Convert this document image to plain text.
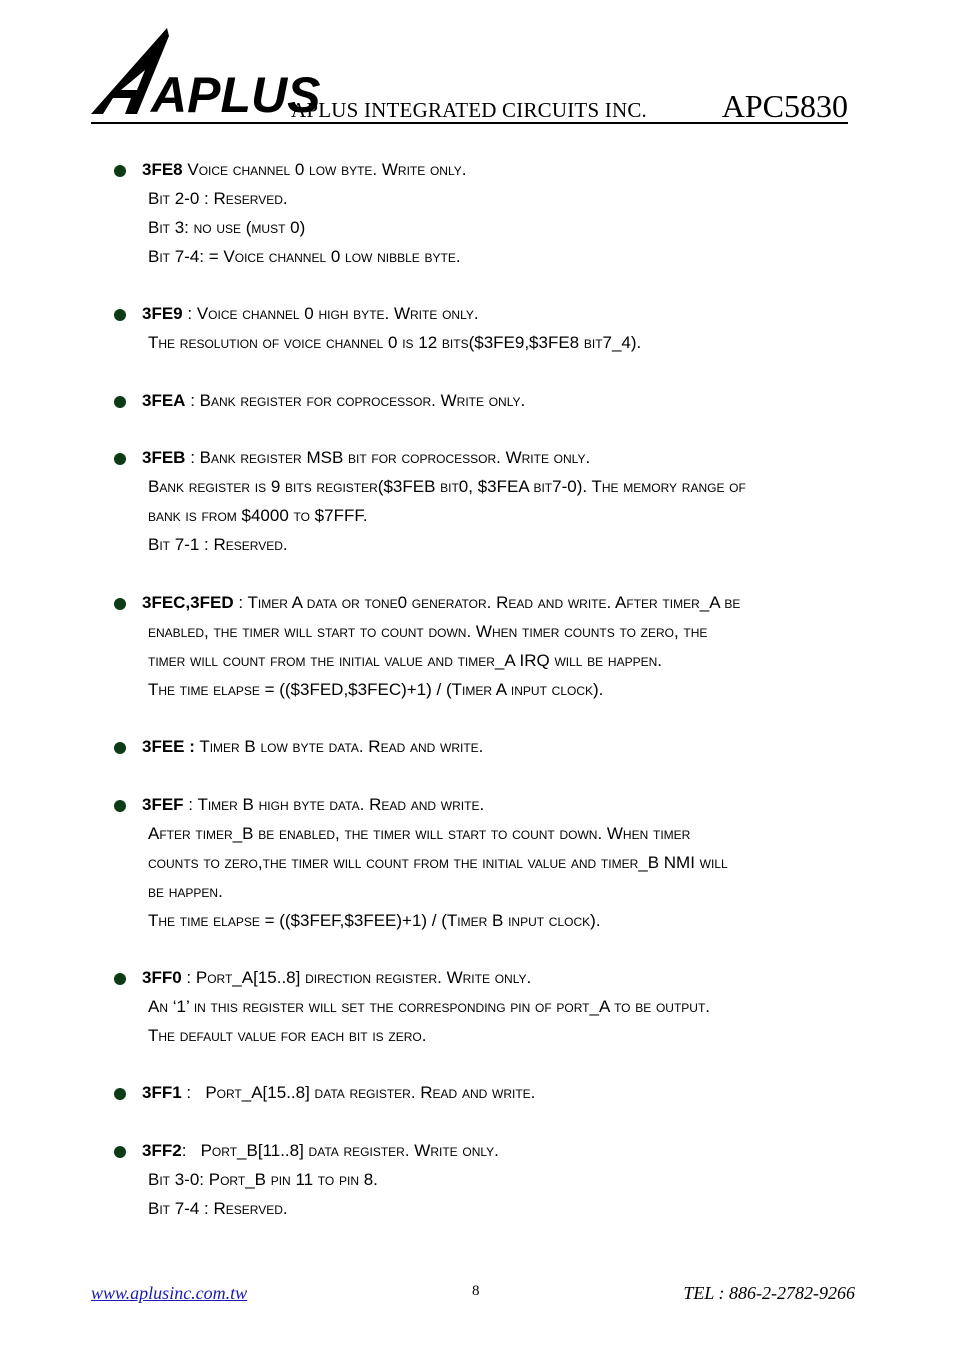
APLUS
APLUS INTEGRATED CIRCUITS INC. APC5830
3FE8 Voice channel 0 low byte. Write only.
Bit 2-0 : Reserved.
Bit 3: no use (must 0)
Bit 7-4: = Voice channel 0 low nibble byte.
3FE9 : Voice channel 0 high byte. Write only.
The resolution of voice channel 0 is 12 bits($3FE9,$3FE8 bit7_4).
3FEA : Bank register for coprocessor. Write only.
3FEB : Bank register MSB bit for coprocessor. Write only.
Bank register is 9 bits register($3FEB bit0, $3FEA bit7-0). The memory range of
bank is from $4000 to $7FFF.
Bit 7-1 : Reserved.
3FEC,3FED : Timer A data or tone0 generator. Read and write. After timer_A be
enabled, the timer will start to count down. When timer counts to zero, the
timer will count from the initial value and timer_A IRQ will be happen.
The time elapse = (($3FED,$3FEC)+1) / (Timer A input clock).
3FEE : Timer B low byte data. Read and write.
3FEF : Timer B high byte data. Read and write.
After timer_B be enabled, the timer will start to count down. When timer
counts to zero,the timer will count from the initial value and timer_B NMI will
be happen.
The time elapse = (($3FEF,$3FEE)+1) / (Timer B input clock).
3FF0 : Port_A[15..8] direction register. Write only.
An ‘1’ in this register will set the corresponding pin of port_A to be output.
The default value for each bit is zero.
3FF1 :   Port_A[15..8] data register. Read and write.
3FF2:   Port_B[11..8] data register. Write only.
Bit 3-0: Port_B pin 11 to pin 8.
Bit 7-4 : Reserved.
www.aplusinc.com.tw	8	TEL : 886-2-2782-9266
